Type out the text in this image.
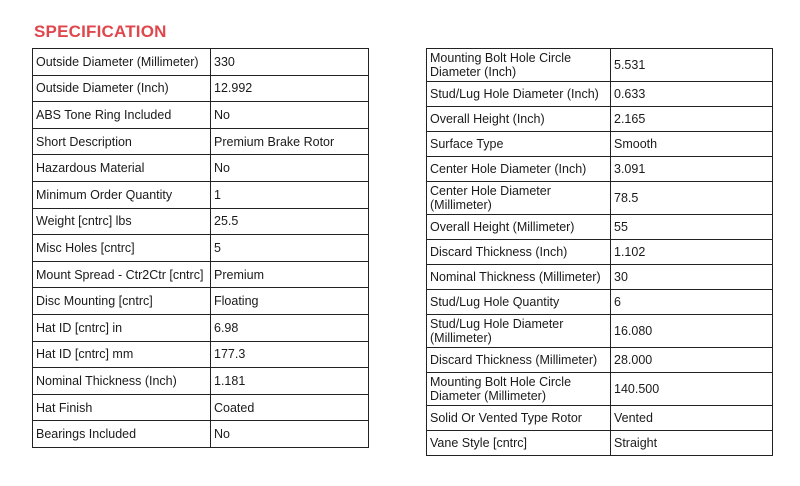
SPECIFICATION
Outside Diameter (Millimeter)	330
Outside Diameter (Inch)	12.992
ABS Tone Ring Included	No
Short Description	Premium Brake Rotor
Hazardous Material	No
Minimum Order Quantity	1
Weight [cntrc] lbs	25.5
Misc Holes [cntrc]	5
Mount Spread - Ctr2Ctr [cntrc]	Premium
Disc Mounting [cntrc]	Floating
Hat ID [cntrc] in	6.98
Hat ID [cntrc] mm	177.3
Nominal Thickness (Inch)	1.181
Hat Finish	Coated
Bearings Included	No
Mounting Bolt Hole Circle Diameter (Inch)	5.531
Stud/Lug Hole Diameter (Inch)	0.633
Overall Height (Inch)	2.165
Surface Type	Smooth
Center Hole Diameter (Inch)	3.091
Center Hole Diameter (Millimeter)	78.5
Overall Height (Millimeter)	55
Discard Thickness (Inch)	1.102
Nominal Thickness (Millimeter)	30
Stud/Lug Hole Quantity	6
Stud/Lug Hole Diameter (Millimeter)	16.080
Discard Thickness (Millimeter)	28.000
Mounting Bolt Hole Circle Diameter (Millimeter)	140.500
Solid Or Vented Type Rotor	Vented
Vane Style [cntrc]	Straight
